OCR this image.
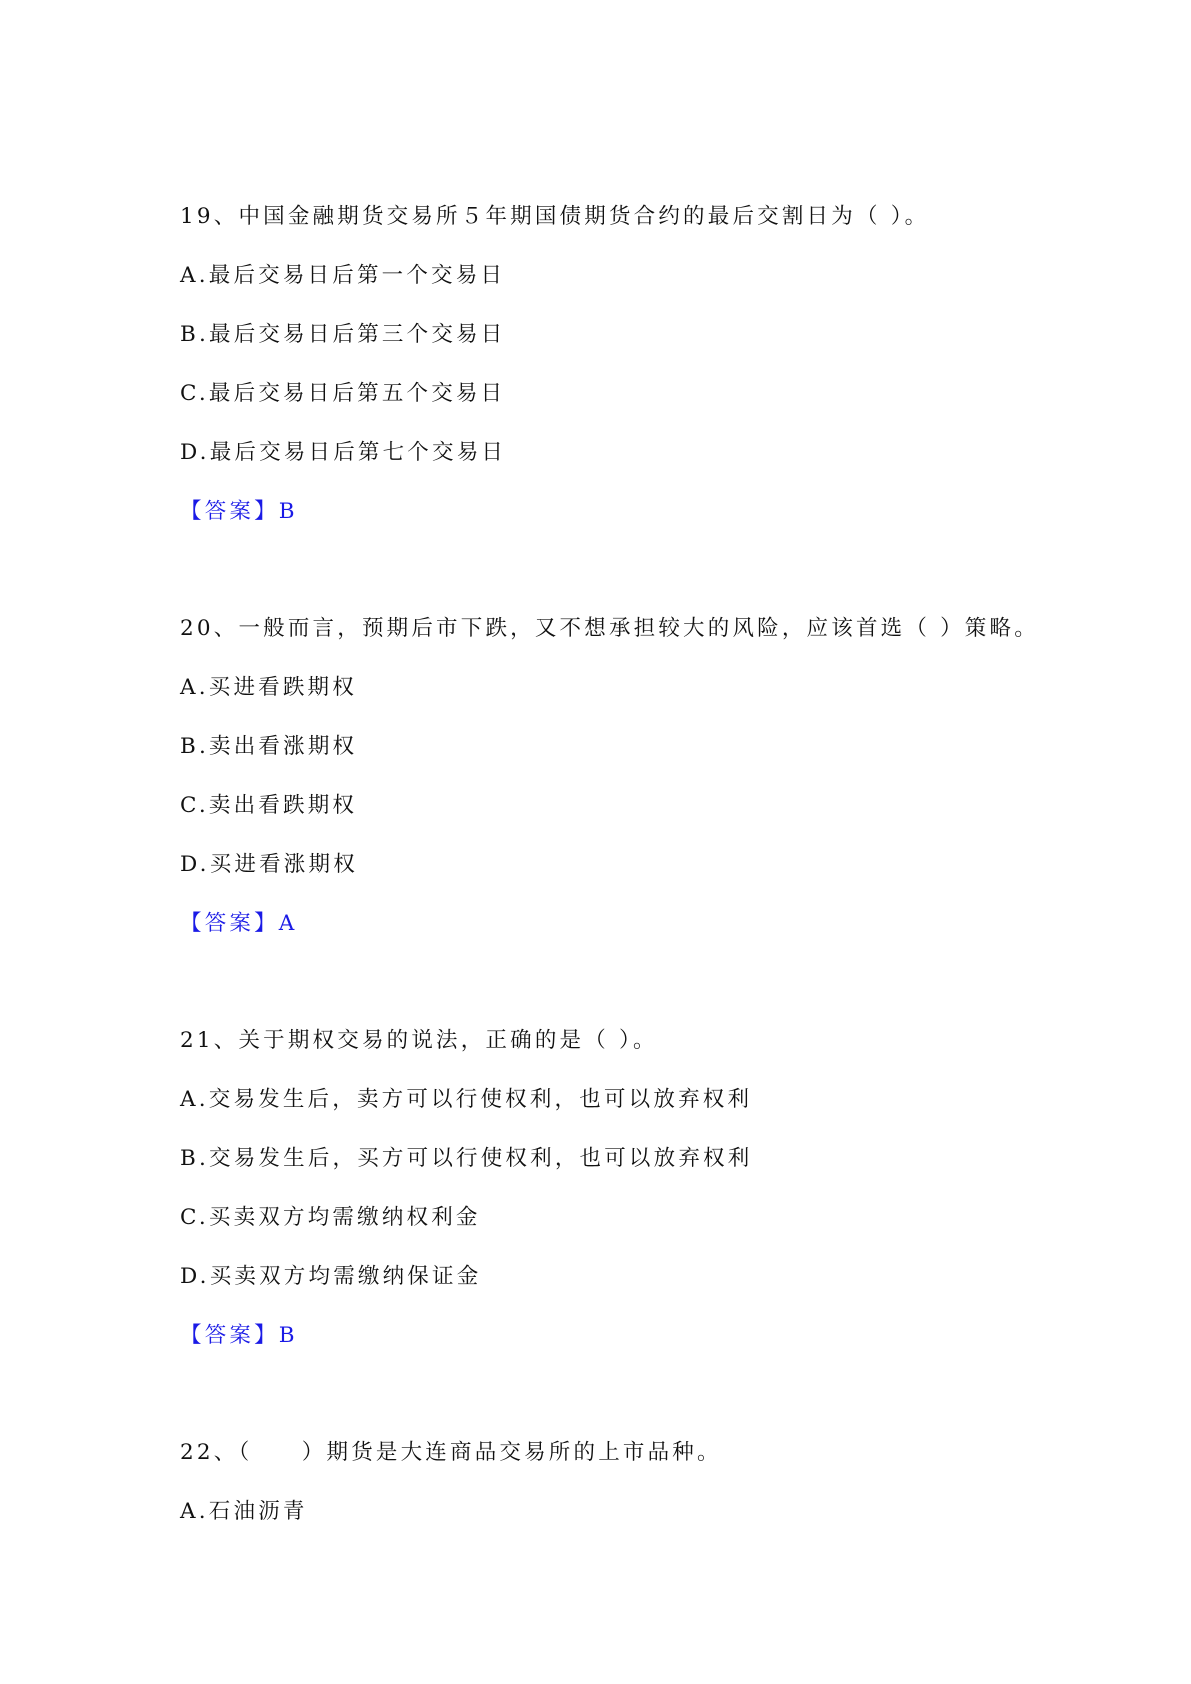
19、中国金融期货交易所５年期国债期货合约的最后交割日为（ ）。
A.最后交易日后第一个交易日
B.最后交易日后第三个交易日
C.最后交易日后第五个交易日
D.最后交易日后第七个交易日
【答案】B
20、一般而言，预期后市下跌，又不想承担较大的风险，应该首选（ ）策略。
A.买进看跌期权
B.卖出看涨期权
C.卖出看跌期权
D.买进看涨期权
【答案】A
21、关于期权交易的说法，正确的是（ ）。
A.交易发生后，卖方可以行使权利，也可以放弃权利
B.交易发生后，买方可以行使权利，也可以放弃权利
C.买卖双方均需缴纳权利金
D.买卖双方均需缴纳保证金
【答案】B
22、（　　）期货是大连商品交易所的上市品种。
A.石油沥青
